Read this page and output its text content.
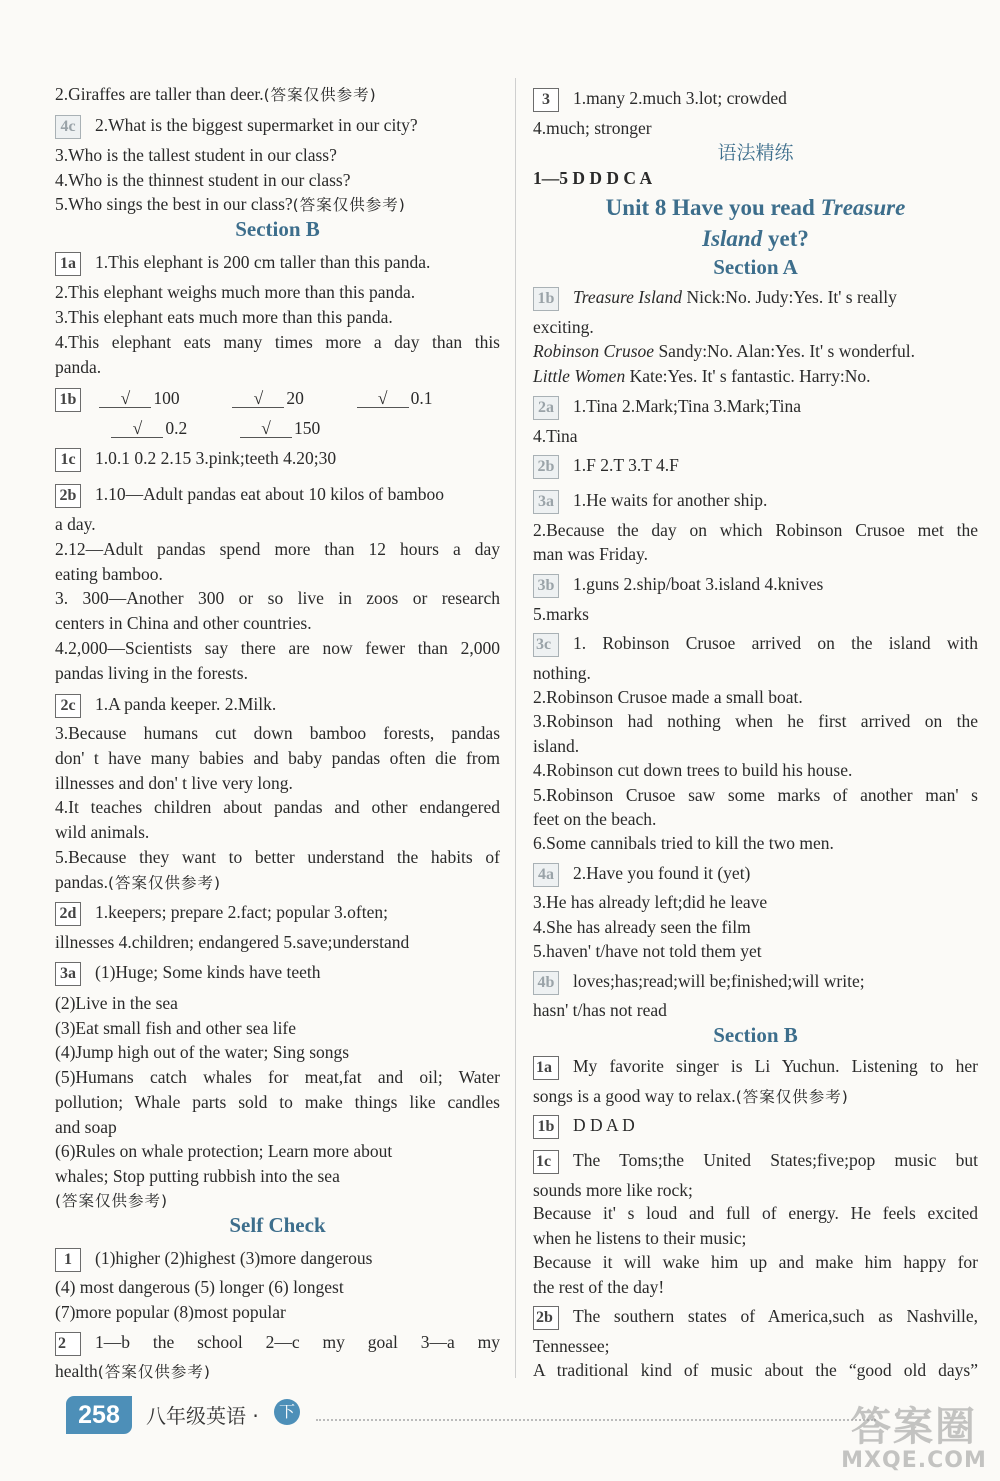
2.Giraffes are taller than deer.(答案仅供参考)
4c 2.What is the biggest supermarket in our city?
3.Who is the tallest student in our class?
4.Who is the thinnest student in our class?
5.Who sings the best in our class?(答案仅供参考)
Section B
1a 1.This elephant is 200 cm taller than this panda.
2.This elephant weighs much more than this panda.
3.This elephant eats much more than this panda.
4.This elephant eats many times more a day than this
panda.
1b	√ 100	√ 20	√ 0.1
√ 0.2	√ 150
1c 1.0.1 0.2 2.15 3.pink;teeth 4.20;30
2b 1.10—Adult pandas eat about 10 kilos of bamboo
a day.
2.12—Adult pandas spend more than 12 hours a day
eating bamboo.
3. 300—Another 300 or so live in zoos or research
centers in China and other countries.
4.2,000—Scientists say there are now fewer than 2,000
pandas living in the forests.
2c 1.A panda keeper. 2.Milk.
3.Because humans cut down bamboo forests, pandas
don' t have many babies and baby pandas often die from
illnesses and don' t live very long.
4.It teaches children about pandas and other endangered
wild animals.
5.Because they want to better understand the habits of
pandas.(答案仅供参考)
2d 1.keepers; prepare 2.fact; popular 3.often;
illnesses 4.children; endangered 5.save;understand
3a (1)Huge; Some kinds have teeth
(2)Live in the sea
(3)Eat small fish and other sea life
(4)Jump high out of the water; Sing songs
(5)Humans catch whales for meat,fat and oil; Water
pollution; Whale parts sold to make things like candles
and soap
(6)Rules on whale protection; Learn more about
whales; Stop putting rubbish into the sea
(答案仅供参考)
Self Check
1 (1)higher (2)highest (3)more dangerous
(4) most dangerous (5) longer (6) longest
(7)more popular (8)most popular
2 1—b the school 2—c my goal 3—a my
health(答案仅供参考)
3 1.many 2.much 3.lot; crowded
4.much; stronger
语法精练
1—5 D D D C A
Unit 8 Have you read Treasure
Island yet?
Section A
1b Treasure Island Nick:No. Judy:Yes. It' s really
exciting.
Robinson Crusoe Sandy:No. Alan:Yes. It' s wonderful.
Little Women Kate:Yes. It' s fantastic. Harry:No.
2a 1.Tina 2.Mark;Tina 3.Mark;Tina
4.Tina
2b 1.F 2.T 3.T 4.F
3a 1.He waits for another ship.
2.Because the day on which Robinson Crusoe met the
man was Friday.
3b 1.guns 2.ship/boat 3.island 4.knives
5.marks
3c 1. Robinson Crusoe arrived on the island with
nothing.
2.Robinson Crusoe made a small boat.
3.Robinson had nothing when he first arrived on the
island.
4.Robinson cut down trees to build his house.
5.Robinson Crusoe saw some marks of another man' s
feet on the beach.
6.Some cannibals tried to kill the two men.
4a 2.Have you found it (yet)
3.He has already left;did he leave
4.She has already seen the film
5.haven' t/have not told them yet
4b loves;has;read;will be;finished;will write;
hasn' t/has not read
Section B
1a My favorite singer is Li Yuchun. Listening to her
songs is a good way to relax.(答案仅供参考)
1b D D A D
1c The Toms;the United States;five;pop music but
sounds more like rock;
Because it' s loud and full of energy. He feels excited
when he listens to their music;
Because it will wake him up and make him happy for
the rest of the day!
2b The southern states of America,such as Nashville,
Tennessee;
A traditional kind of music about the “good old days”
258	八年级英语 ·	下	答案圈
MXQE.COM
